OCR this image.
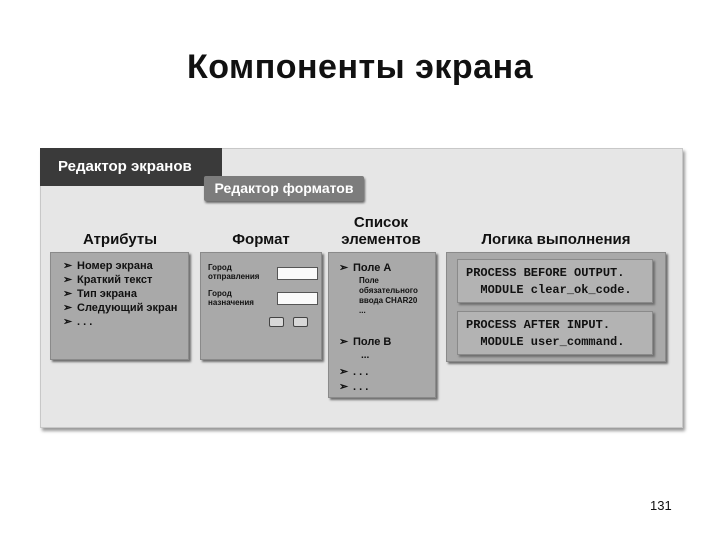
Компоненты экрана
Редактор экранов
Редактор форматов
Атрибуты	Формат
Список
элементов	Логика выполнения
➢ Номер экрана
➢ Краткий текст
➢ Тип экрана
➢ Следующий экран
➢ . . .
Город
отправления
Город
назначения
➢ Поле A
Поле
обязательного
ввода CHAR20
...
➢ Поле B
...
➢ . . .
➢ . . .
PROCESS BEFORE OUTPUT.
MODULE clear_ok_code.
PROCESS AFTER INPUT.
MODULE user_command.
131
